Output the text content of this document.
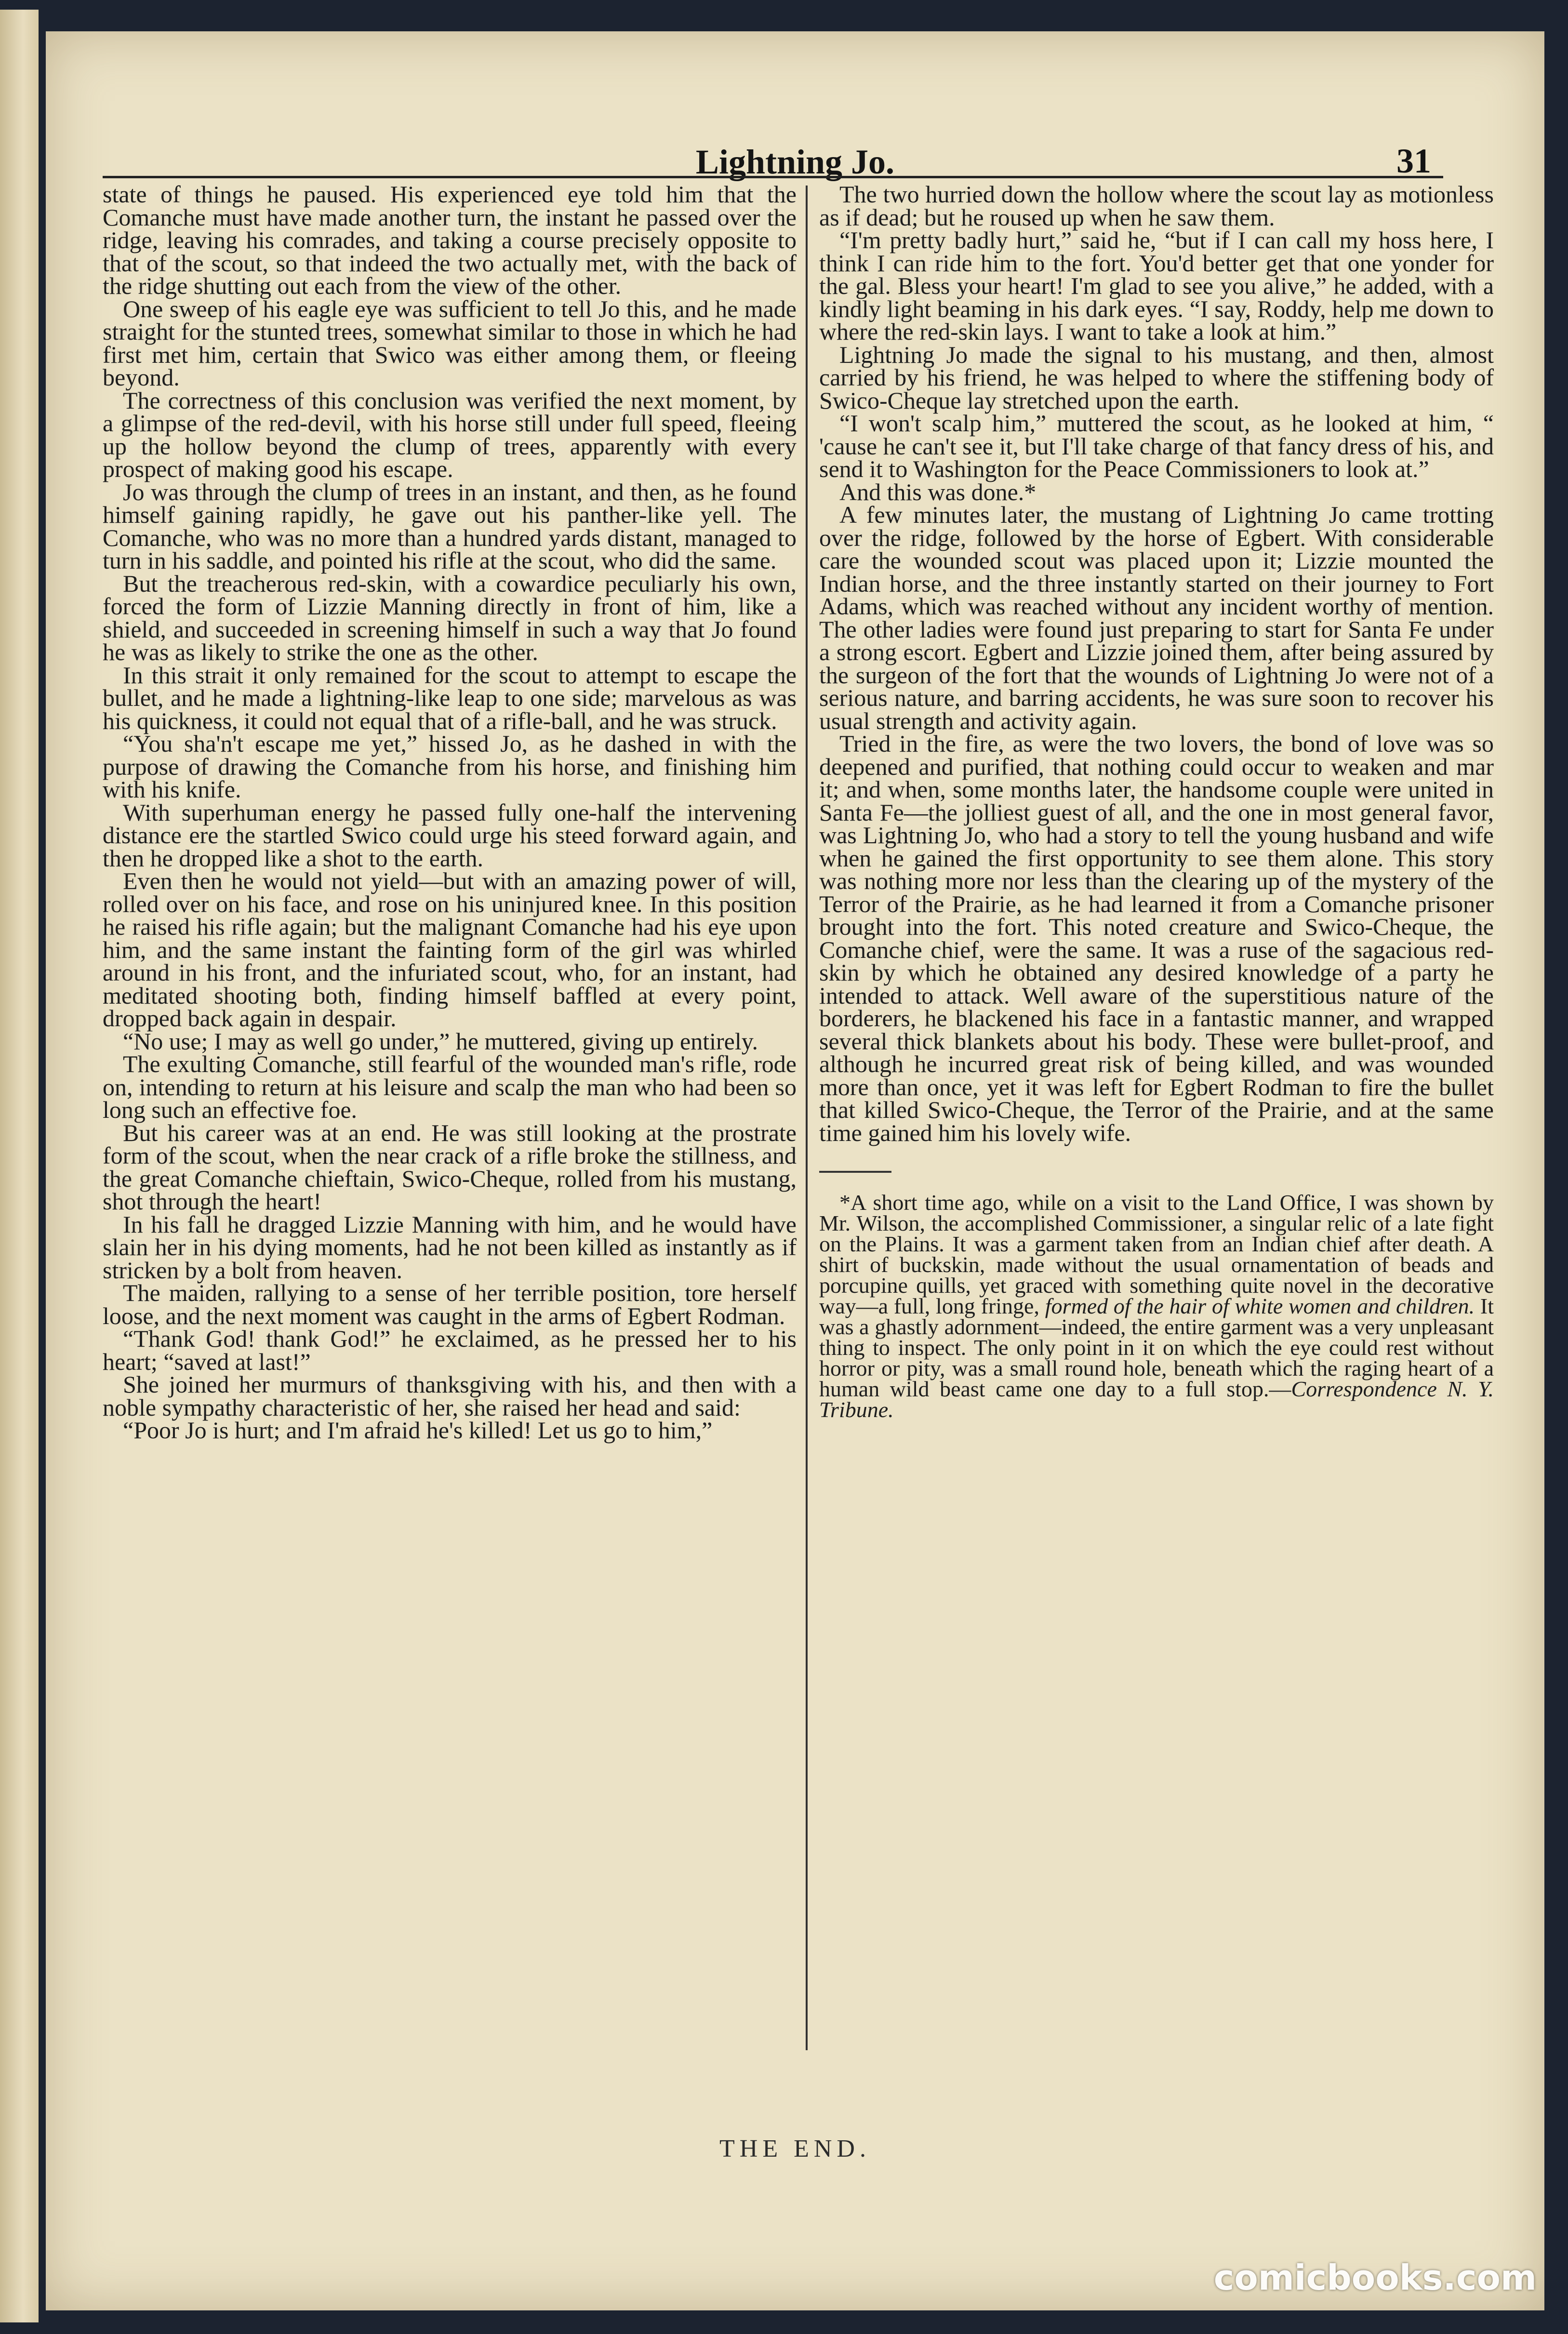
Lightning Jo.	31

state of things he paused. His experienced eye told him that the Comanche must have made another turn, the instant he passed over the ridge, leaving his comrades, and taking a course precisely opposite to that of the scout, so that indeed the two actually met, with the back of the ridge shutting out each from the view of the other.

One sweep of his eagle eye was sufficient to tell Jo this, and he made straight for the stunted trees, somewhat similar to those in which he had first met him, certain that Swico was either among them, or fleeing beyond.

The correctness of this conclusion was verified the next moment, by a glimpse of the red-devil, with his horse still under full speed, fleeing up the hollow beyond the clump of trees, apparently with every prospect of making good his escape.

Jo was through the clump of trees in an instant, and then, as he found himself gaining rapidly, he gave out his panther-like yell. The Comanche, who was no more than a hundred yards distant, managed to turn in his saddle, and pointed his rifle at the scout, who did the same.

But the treacherous red-skin, with a cowardice peculiarly his own, forced the form of Lizzie Manning directly in front of him, like a shield, and succeeded in screening himself in such a way that Jo found he was as likely to strike the one as the other.

In this strait it only remained for the scout to attempt to escape the bullet, and he made a lightning-like leap to one side; marvelous as was his quickness, it could not equal that of a rifle-ball, and he was struck.

“You sha'n't escape me yet,” hissed Jo, as he dashed in with the purpose of drawing the Comanche from his horse, and finishing him with his knife.

With superhuman energy he passed fully one-half the intervening distance ere the startled Swico could urge his steed forward again, and then he dropped like a shot to the earth.

Even then he would not yield—but with an amazing power of will, rolled over on his face, and rose on his uninjured knee. In this position he raised his rifle again; but the malignant Comanche had his eye upon him, and the same instant the fainting form of the girl was whirled around in his front, and the infuriated scout, who, for an instant, had meditated shooting both, finding himself baffled at every point, dropped back again in despair.

“No use; I may as well go under,” he muttered, giving up entirely.

The exulting Comanche, still fearful of the wounded man's rifle, rode on, intending to return at his leisure and scalp the man who had been so long such an effective foe.

But his career was at an end. He was still looking at the prostrate form of the scout, when the near crack of a rifle broke the stillness, and the great Comanche chieftain, Swico-Cheque, rolled from his mustang, shot through the heart!

In his fall he dragged Lizzie Manning with him, and he would have slain her in his dying moments, had he not been killed as instantly as if stricken by a bolt from heaven.

The maiden, rallying to a sense of her terrible position, tore herself loose, and the next moment was caught in the arms of Egbert Rodman.

“Thank God! thank God!” he exclaimed, as he pressed her to his heart; “saved at last!”

She joined her murmurs of thanksgiving with his, and then with a noble sympathy characteristic of her, she raised her head and said:

“Poor Jo is hurt; and I'm afraid he's killed! Let us go to him,”

The two hurried down the hollow where the scout lay as motionless as if dead; but he roused up when he saw them.

“I'm pretty badly hurt,” said he, “but if I can call my hoss here, I think I can ride him to the fort. You'd better get that one yonder for the gal. Bless your heart! I'm glad to see you alive,” he added, with a kindly light beaming in his dark eyes. “I say, Roddy, help me down to where the red-skin lays. I want to take a look at him.”

Lightning Jo made the signal to his mustang, and then, almost carried by his friend, he was helped to where the stiffening body of Swico-Cheque lay stretched upon the earth.

“I won't scalp him,” muttered the scout, as he looked at him, “ 'cause he can't see it, but I'll take charge of that fancy dress of his, and send it to Washington for the Peace Commissioners to look at.”

And this was done.*

A few minutes later, the mustang of Lightning Jo came trotting over the ridge, followed by the horse of Egbert. With considerable care the wounded scout was placed upon it; Lizzie mounted the Indian horse, and the three instantly started on their journey to Fort Adams, which was reached without any incident worthy of mention. The other ladies were found just preparing to start for Santa Fe under a strong escort. Egbert and Lizzie joined them, after being assured by the surgeon of the fort that the wounds of Lightning Jo were not of a serious nature, and barring accidents, he was sure soon to recover his usual strength and activity again.

Tried in the fire, as were the two lovers, the bond of love was so deepened and purified, that nothing could occur to weaken and mar it; and when, some months later, the handsome couple were united in Santa Fe—the jolliest guest of all, and the one in most general favor, was Lightning Jo, who had a story to tell the young husband and wife when he gained the first opportunity to see them alone. This story was nothing more nor less than the clearing up of the mystery of the Terror of the Prairie, as he had learned it from a Comanche prisoner brought into the fort. This noted creature and Swico-Cheque, the Comanche chief, were the same. It was a ruse of the sagacious red-skin by which he obtained any desired knowledge of a party he intended to attack. Well aware of the superstitious nature of the borderers, he blackened his face in a fantastic manner, and wrapped several thick blankets about his body. These were bullet-proof, and although he incurred great risk of being killed, and was wounded more than once, yet it was left for Egbert Rodman to fire the bullet that killed Swico-Cheque, the Terror of the Prairie, and at the same time gained him his lovely wife.

*A short time ago, while on a visit to the Land Office, I was shown by Mr. Wilson, the accomplished Commissioner, a singular relic of a late fight on the Plains. It was a garment taken from an Indian chief after death. A shirt of buckskin, made without the usual ornamentation of beads and porcupine quills, yet graced with something quite novel in the decorative way—a full, long fringe, formed of the hair of white women and children. It was a ghastly adornment—indeed, the entire garment was a very unpleasant thing to inspect. The only point in it on which the eye could rest without horror or pity, was a small round hole, beneath which the raging heart of a human wild beast came one day to a full stop.—Correspondence N. Y. Tribune.

THE END.
comicbooks.com
